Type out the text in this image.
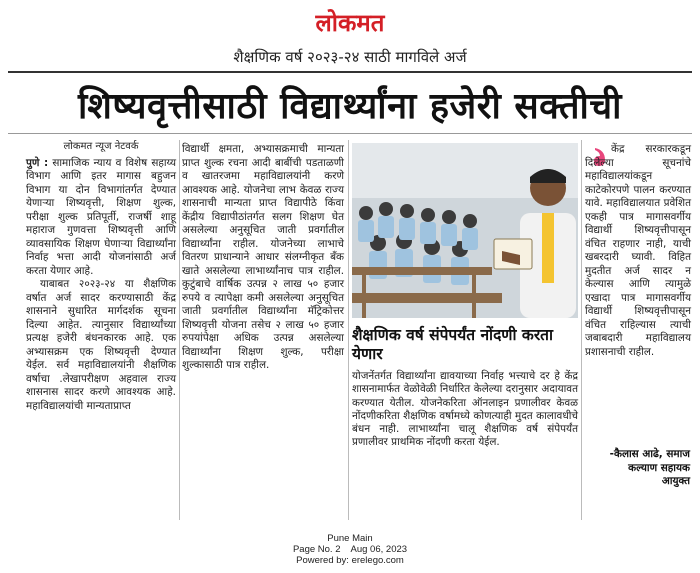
लोकमत
शैक्षणिक वर्ष २०२३-२४ साठी मागविले अर्ज
शिष्यवृत्तीसाठी विद्यार्थ्यांना हजेरी सक्तीची
लोकमत न्यूज नेटवर्क

पुणे : सामाजिक न्याय व विशेष सहाय्य विभाग आणि इतर मागास बहुजन विभाग या दोन विभागांतर्गत देण्यात येणाऱ्या शिष्यवृत्ती, शिक्षण शुल्क, परीक्षा शुल्क प्रतिपूर्ती, राजर्षी शाहू महाराज गुणवत्ता शिष्यवृत्ती आणि व्यावसायिक शिक्षण घेणाऱ्या विद्यार्थ्यांना निर्वाह भत्ता आदी योजनांसाठी अर्ज करता येणार आहे.

याबाबत २०२३-२४ या शैक्षणिक वर्षात अर्ज सादर करण्यासाठी केंद्र शासनाने सुधारित मार्गदर्शक सूचना दिल्या आहेत. त्यानुसार विद्यार्थ्यांच्या प्रत्यक्ष हजेरी बंधनकारक आहे. एक अभ्यासक्रम एक शिष्यवृत्ती देण्यात येईल. सर्व महाविद्यालयांनी शैक्षणिक वर्षाचा .लेखापरीक्षण अहवाल राज्य शासनास सादर करणे आवश्यक आहे. महाविद्यालयांची मान्यताप्राप्त

विद्यार्थी क्षमता, अभ्यासक्रमाची मान्यता प्राप्त शुल्क रचना आदी बाबींची पडताळणी व खातरजमा महाविद्यालयांनी करणे आवश्यक आहे. योजनेचा लाभ केवळ राज्य शासनाची मान्यता प्राप्त विद्यापीठे किंवा केंद्रीय विद्यापीठांतर्गत सलग शिक्षण घेत असलेल्या अनुसूचित जाती प्रवर्गातील विद्यार्थ्यांना राहील. योजनेच्या लाभाचे वितरण प्राधान्याने आधार संलग्नीकृत बँक खाते असलेल्या लाभार्थ्यांनाच पात्र राहील. कुटुंबाचे वार्षिक उत्पन्न २ लाख ५० हजार रुपये व त्यापेक्षा कमी असलेल्या अनुसूचित जाती प्रवर्गातील विद्यार्थ्यांना मॅट्रिकोत्तर शिष्यवृत्ती योजना तसेच २ लाख ५० हजार रुपयांपेक्षा अधिक उत्पन्न असलेल्या विद्यार्थ्यांना शिक्षण शुल्क, परीक्षा शुल्कासाठी पात्र राहील.

शैक्षणिक वर्ष संपेपर्यंत नोंदणी करता येणार

योजनेंतर्गत विद्यार्थ्यांना द्यावयाच्या निर्वाह भत्त्याचे दर हे केंद्र शासनामार्फत वेळोवेळी निर्धारित केलेल्या दरानुसार अदायावत करण्यात येतील. योजनेकरिता ऑनलाइन प्रणालीवर केवळ नोंदणीकरिता शैक्षणिक वर्षामध्ये कोणत्याही मुदत कालावधीचे बंधन नाही. लाभार्थ्यांना चालू शैक्षणिक वर्ष संपेपर्यंत प्रणालीवर प्राथमिक नोंदणी करता येईल.

केंद्र सरकारकडून दिलेल्या सूचनांचे महाविद्यालयांकडून काटेकोरपणे पालन करण्यात यावे. महाविद्यालयात प्रवेशित एकही पात्र मागासवर्गीय विद्यार्थी शिष्यवृत्तीपासून वंचित राहणार नाही, याची खबरदारी घ्यावी. विहित मुदतीत अर्ज सादर न केल्यास आणि त्यामुळे एखादा पात्र मागासवर्गीय विद्यार्थी शिष्यवृत्तीपासून वंचित राहिल्यास त्याची जबाबदारी महाविद्यालय प्रशासनाची राहील.

-कैलास आढे, समाज
कल्याण सहायक
आयुक्त
Pune Main
Page No. 2    Aug 06, 2023
Powered by: erelego.com
